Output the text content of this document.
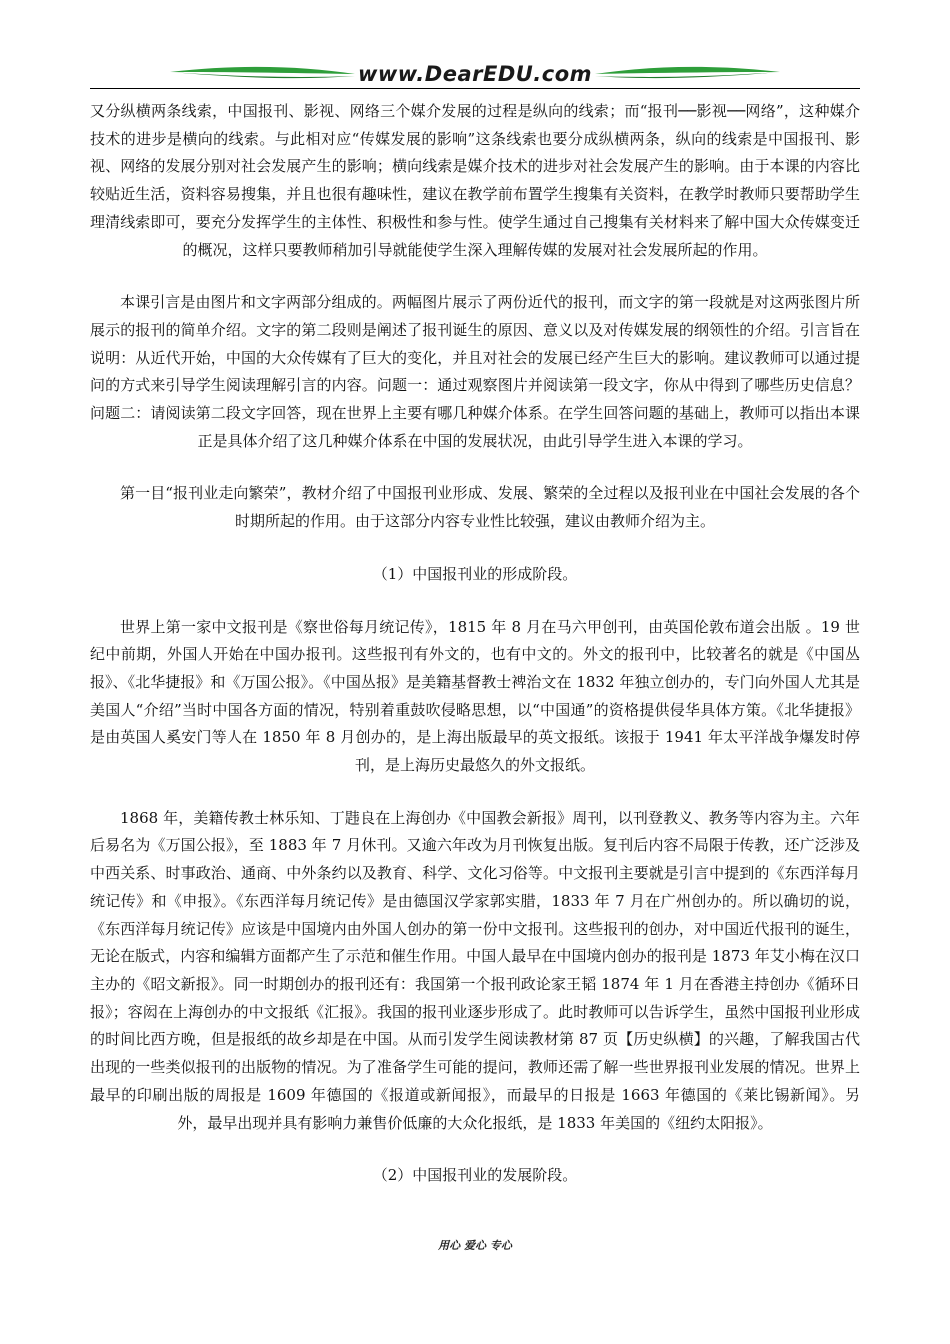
www.DearEDU.com

又分纵横两条线索，中国报刊、影视、网络三个媒介发展的过程是纵向的线索；而“报刊──影视──网络”，这种媒介技术的进步是横向的线索。与此相对应“传媒发展的影响”这条线索也要分成纵横两条，纵向的线索是中国报刊、影视、网络的发展分别对社会发展产生的影响；横向线索是媒介技术的进步对社会发展产生的影响。由于本课的内容比较贴近生活，资料容易搜集，并且也很有趣味性，建议在教学前布置学生搜集有关资料，在教学时教师只要帮助学生理清线索即可，要充分发挥学生的主体性、积极性和参与性。使学生通过自己搜集有关材料来了解中国大众传媒变迁的概况，这样只要教师稍加引导就能使学生深入理解传媒的发展对社会发展所起的作用。

本课引言是由图片和文字两部分组成的。两幅图片展示了两份近代的报刊，而文字的第一段就是对这两张图片所展示的报刊的简单介绍。文字的第二段则是阐述了报刊诞生的原因、意义以及对传媒发展的纲领性的介绍。引言旨在说明：从近代开始，中国的大众传媒有了巨大的变化，并且对社会的发展已经产生巨大的影响。建议教师可以通过提问的方式来引导学生阅读理解引言的内容。问题一：通过观察图片并阅读第一段文字，你从中得到了哪些历史信息？问题二：请阅读第二段文字回答，现在世界上主要有哪几种媒介体系。在学生回答问题的基础上，教师可以指出本课正是具体介绍了这几种媒介体系在中国的发展状况，由此引导学生进入本课的学习。

第一目“报刊业走向繁荣”，教材介绍了中国报刊业形成、发展、繁荣的全过程以及报刊业在中国社会发展的各个时期所起的作用。由于这部分内容专业性比较强，建议由教师介绍为主。

（1）中国报刊业的形成阶段。

世界上第一家中文报刊是《察世俗每月统记传》，1815 年 8 月在马六甲创刊，由英国伦敦布道会出版 。19 世纪中前期，外国人开始在中国办报刊。这些报刊有外文的，也有中文的。外文的报刊中，比较著名的就是《中国丛报》、《北华捷报》和《万国公报》。《中国丛报》是美籍基督教士裨治文在 1832 年独立创办的，专门向外国人尤其是美国人“介绍”当时中国各方面的情况，特别着重鼓吹侵略思想，以“中国通”的资格提供侵华具体方策。《北华捷报》是由英国人奚安门等人在 1850 年 8 月创办的，是上海出版最早的英文报纸。该报于 1941 年太平洋战争爆发时停刊，是上海历史最悠久的外文报纸。

1868 年，美籍传教士林乐知、丁韪良在上海创办《中国教会新报》周刊，以刊登教义、教务等内容为主。六年后易名为《万国公报》，至 1883 年 7 月休刊。又逾六年改为月刊恢复出版。复刊后内容不局限于传教，还广泛涉及中西关系、时事政治、通商、中外条约以及教育、科学、文化习俗等。中文报刊主要就是引言中提到的《东西洋每月统记传》和《申报》。《东西洋每月统记传》是由德国汉学家郭实腊，1833 年 7 月在广州创办的。所以确切的说，《东西洋每月统记传》应该是中国境内由外国人创办的第一份中文报刊。这些报刊的创办，对中国近代报刊的诞生，无论在版式，内容和编辑方面都产生了示范和催生作用。中国人最早在中国境内创办的报刊是 1873 年艾小梅在汉口主办的《昭文新报》。同一时期创办的报刊还有：我国第一个报刊政论家王韬 1874 年 1 月在香港主持创办《循环日报》；容闳在上海创办的中文报纸《汇报》。我国的报刊业逐步形成了。此时教师可以告诉学生，虽然中国报刊业形成的时间比西方晚，但是报纸的故乡却是在中国。从而引发学生阅读教材第 87 页【历史纵横】的兴趣，了解我国古代出现的一些类似报刊的出版物的情况。为了准备学生可能的提问，教师还需了解一些世界报刊业发展的情况。世界上最早的印刷出版的周报是 1609 年德国的《报道或新闻报》，而最早的日报是 1663 年德国的《莱比锡新闻》。另外，最早出现并具有影响力兼售价低廉的大众化报纸，是 1833 年美国的《纽约太阳报》。

（2）中国报刊业的发展阶段。

用心 爱心 专心
